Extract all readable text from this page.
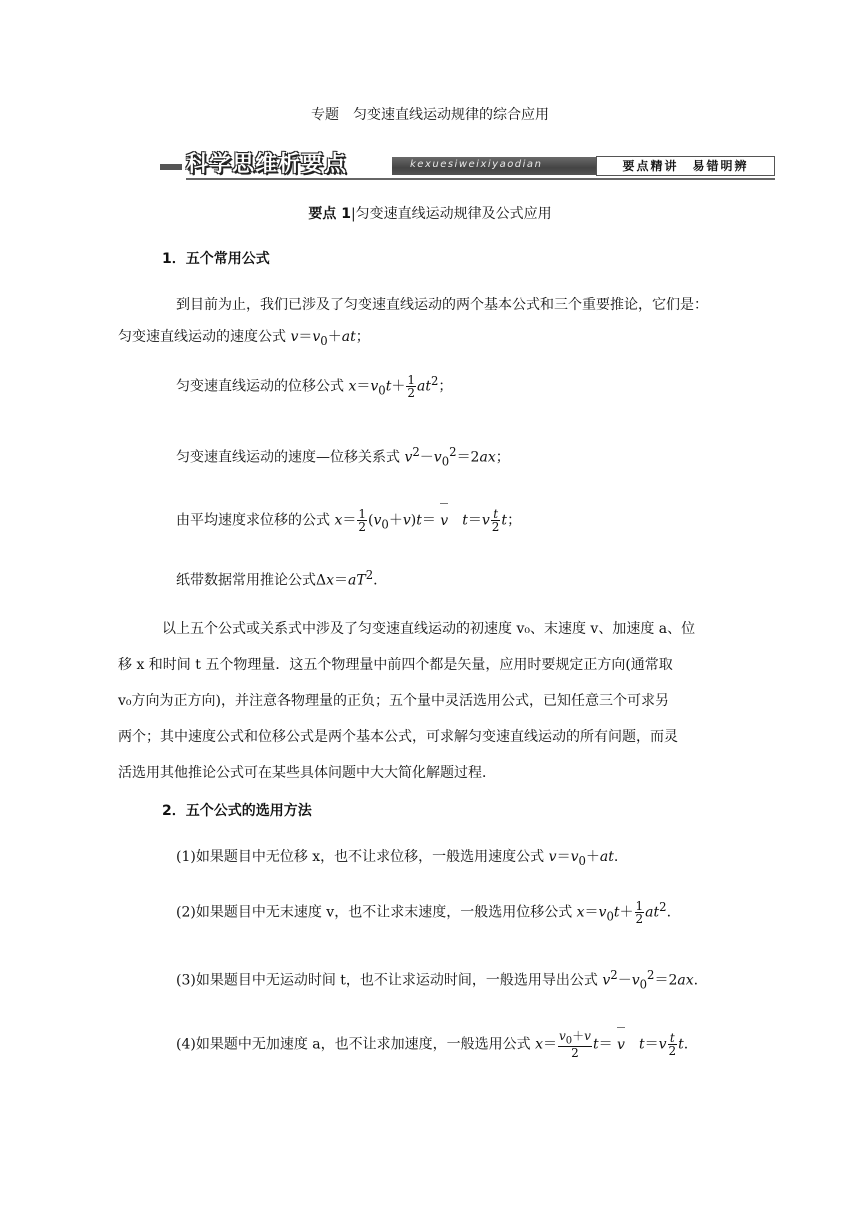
专题　匀变速直线运动规律的综合应用
科学思维析要点	kexuesiweixiyaodian	要点精讲　易错明辨
要点 1|匀变速直线运动规律及公式应用
1．五个常用公式
到目前为止，我们已涉及了匀变速直线运动的两个基本公式和三个重要推论，它们是：
匀变速直线运动的速度公式 $v=v_0+at$；
匀变速直线运动的位移公式 $x=v_0t+ \frac{1}{2} at^2$；
匀变速直线运动的速度—位移关系式 $v^2-v_0^2=2ax$；
由平均速度求位移的公式 $x= \frac{1}{2} (v_0+v)t= v$　 $t=v \frac{t}{2}$ t；
纸带数据常用推论公式$\Delta x=aT^2$.
以上五个公式或关系式中涉及了匀变速直线运动的初速度 v₀、末速度 v、加速度 a、位
移 x 和时间 t 五个物理量．这五个物理量中前四个都是矢量，应用时要规定正方向(通常取
v₀方向为正方向)，并注意各物理量的正负；五个量中灵活选用公式，已知任意三个可求另
两个；其中速度公式和位移公式是两个基本公式，可求解匀变速直线运动的所有问题，而灵
活选用其他推论公式可在某些具体问题中大大简化解题过程．
2．五个公式的选用方法
(1)如果题目中无位移 x，也不让求位移，一般选用速度公式 $v=v_0+at$.
(2)如果题目中无末速度 v，也不让求末速度，一般选用位移公式 $x=v_0t+ \frac{1}{2} at^2$.
(3)如果题目中无运动时间 t，也不让求运动时间，一般选用导出公式 $v^2-v_0^2=2ax$.
(4)如果题中无加速度 a，也不让求加速度，一般选用公式 $x= \frac{v_0+v}{2} t= v$　 $t=v \frac{t}{2} t$.
